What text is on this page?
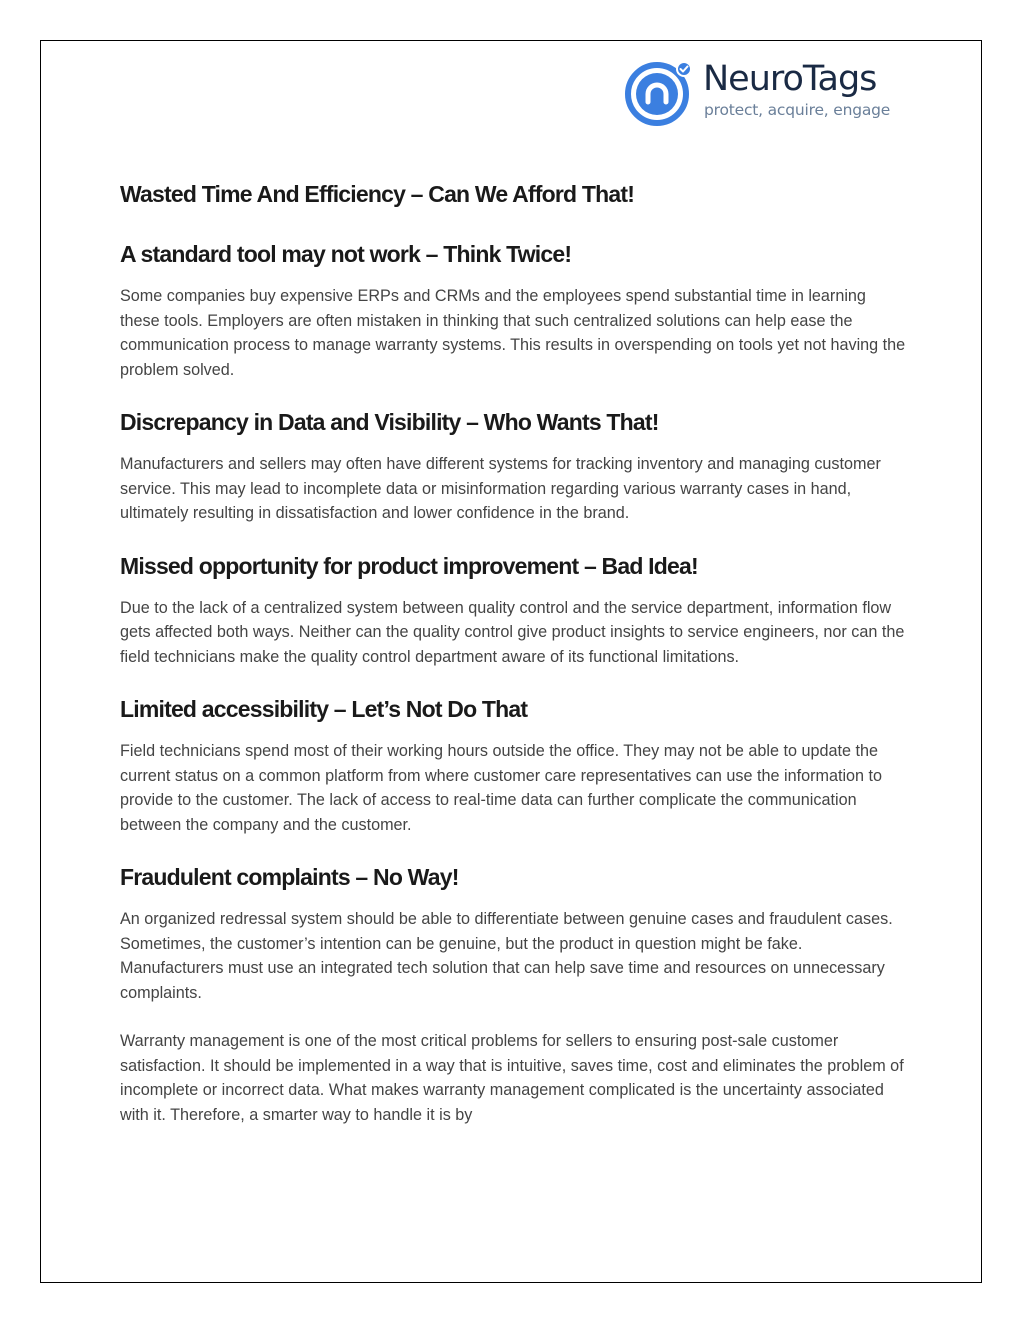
NeuroTags
protect, acquire, engage
Wasted Time And Efficiency – Can We Afford That!
A standard tool may not work – Think Twice!

Some companies buy expensive ERPs and CRMs and the employees spend substantial time in learning these tools. Employers are often mistaken in thinking that such centralized solutions can help ease the communication process to manage warranty systems. This results in overspending on tools yet not having the problem solved.

Discrepancy in Data and Visibility – Who Wants That!

Manufacturers and sellers may often have different systems for tracking inventory and managing customer service. This may lead to incomplete data or misinformation regarding various warranty cases in hand, ultimately resulting in dissatisfaction and lower confidence in the brand.

Missed opportunity for product improvement – Bad Idea!

Due to the lack of a centralized system between quality control and the service department, information flow gets affected both ways. Neither can the quality control give product insights to service engineers, nor can the field technicians make the quality control department aware of its functional limitations.

Limited accessibility – Let’s Not Do That

Field technicians spend most of their working hours outside the office. They may not be able to update the current status on a common platform from where customer care representatives can use the information to provide to the customer. The lack of access to real-time data can further complicate the communication between the company and the customer.

Fraudulent complaints – No Way!

An organized redressal system should be able to differentiate between genuine cases and fraudulent cases. Sometimes, the customer’s intention can be genuine, but the product in question might be fake. Manufacturers must use an integrated tech solution that can help save time and resources on unnecessary complaints.

Warranty management is one of the most critical problems for sellers to ensuring post-sale customer satisfaction. It should be implemented in a way that is intuitive, saves time, cost and eliminates the problem of incomplete or incorrect data. What makes warranty management complicated is the uncertainty associated with it. Therefore, a smarter way to handle it is by
